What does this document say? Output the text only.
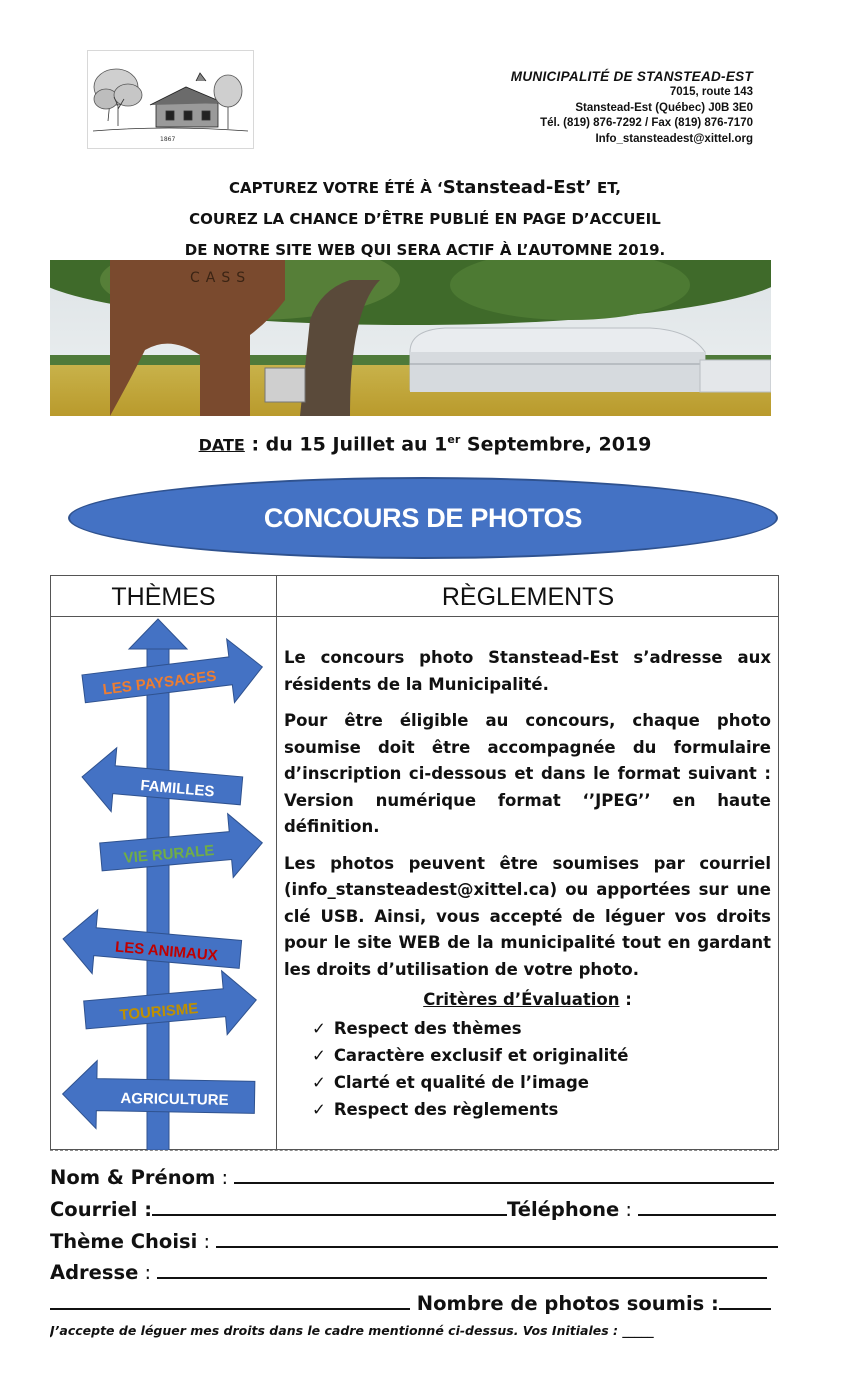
1867
MUNICIPALITÉ DE STANSTEAD-EST
7015, route 143
Stanstead-Est (Québec) J0B 3E0
Tél. (819) 876-7292 / Fax (819) 876-7170
Info_stansteadest@xittel.org
CAPTUREZ VOTRE ÉTÉ À ‘Stanstead-Est’ ET,
COUREZ LA CHANCE D’ÊTRE PUBLIÉ EN PAGE D’ACCUEIL
DE NOTRE SITE WEB QUI SERA ACTIF À L’AUTOMNE 2019.
CASS
DATE : du 15 Juillet au 1er Septembre, 2019
CONCOURS DE PHOTOS
THÈMES	RÈGLEMENTS
LES PAYSAGES
FAMILLES
VIE RURALE
LES ANIMAUX
TOURISME
AGRICULTURE

Le concours photo Stanstead-Est s’adresse aux résidents de la Municipalité.

Pour être éligible au concours, chaque photo soumise doit être accompagnée du formulaire d’inscription ci-dessous et dans le format suivant : Version numérique format ‘’JPEG’’ en haute définition.

Les photos peuvent être soumises par courriel (info_stansteadest@xittel.ca) ou apportées sur une clé USB. Ainsi, vous accepté de léguer vos droits pour le site WEB de la municipalité tout en gardant les droits d’utilisation de votre photo.

Critères d’Évaluation :
✓ Respect des thèmes
✓ Caractère exclusif et originalité
✓ Clarté et qualité de l’image
✓ Respect des règlements
Nom & Prénom :
Courriel :	Téléphone :
Thème Choisi :
Adresse :
Nombre de photos soumis :
J’accepte de léguer mes droits dans le cadre mentionné ci-dessus. Vos Initiales : _____
